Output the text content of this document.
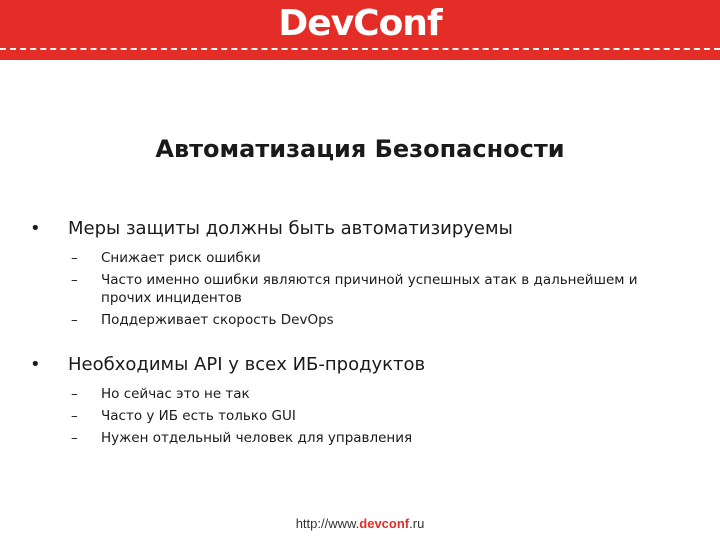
DevConf
Автоматизация Безопасности
• Меры защиты должны быть автоматизируемы
– Снижает риск ошибки
– Часто именно ошибки являются причиной успешных атак в дальнейшем и прочих инцидентов
– Поддерживает скорость DevOps
• Необходимы API у всех ИБ-продуктов
– Но сейчас это не так
– Часто у ИБ есть только GUI
– Нужен отдельный человек для управления
http://www.devconf.ru
